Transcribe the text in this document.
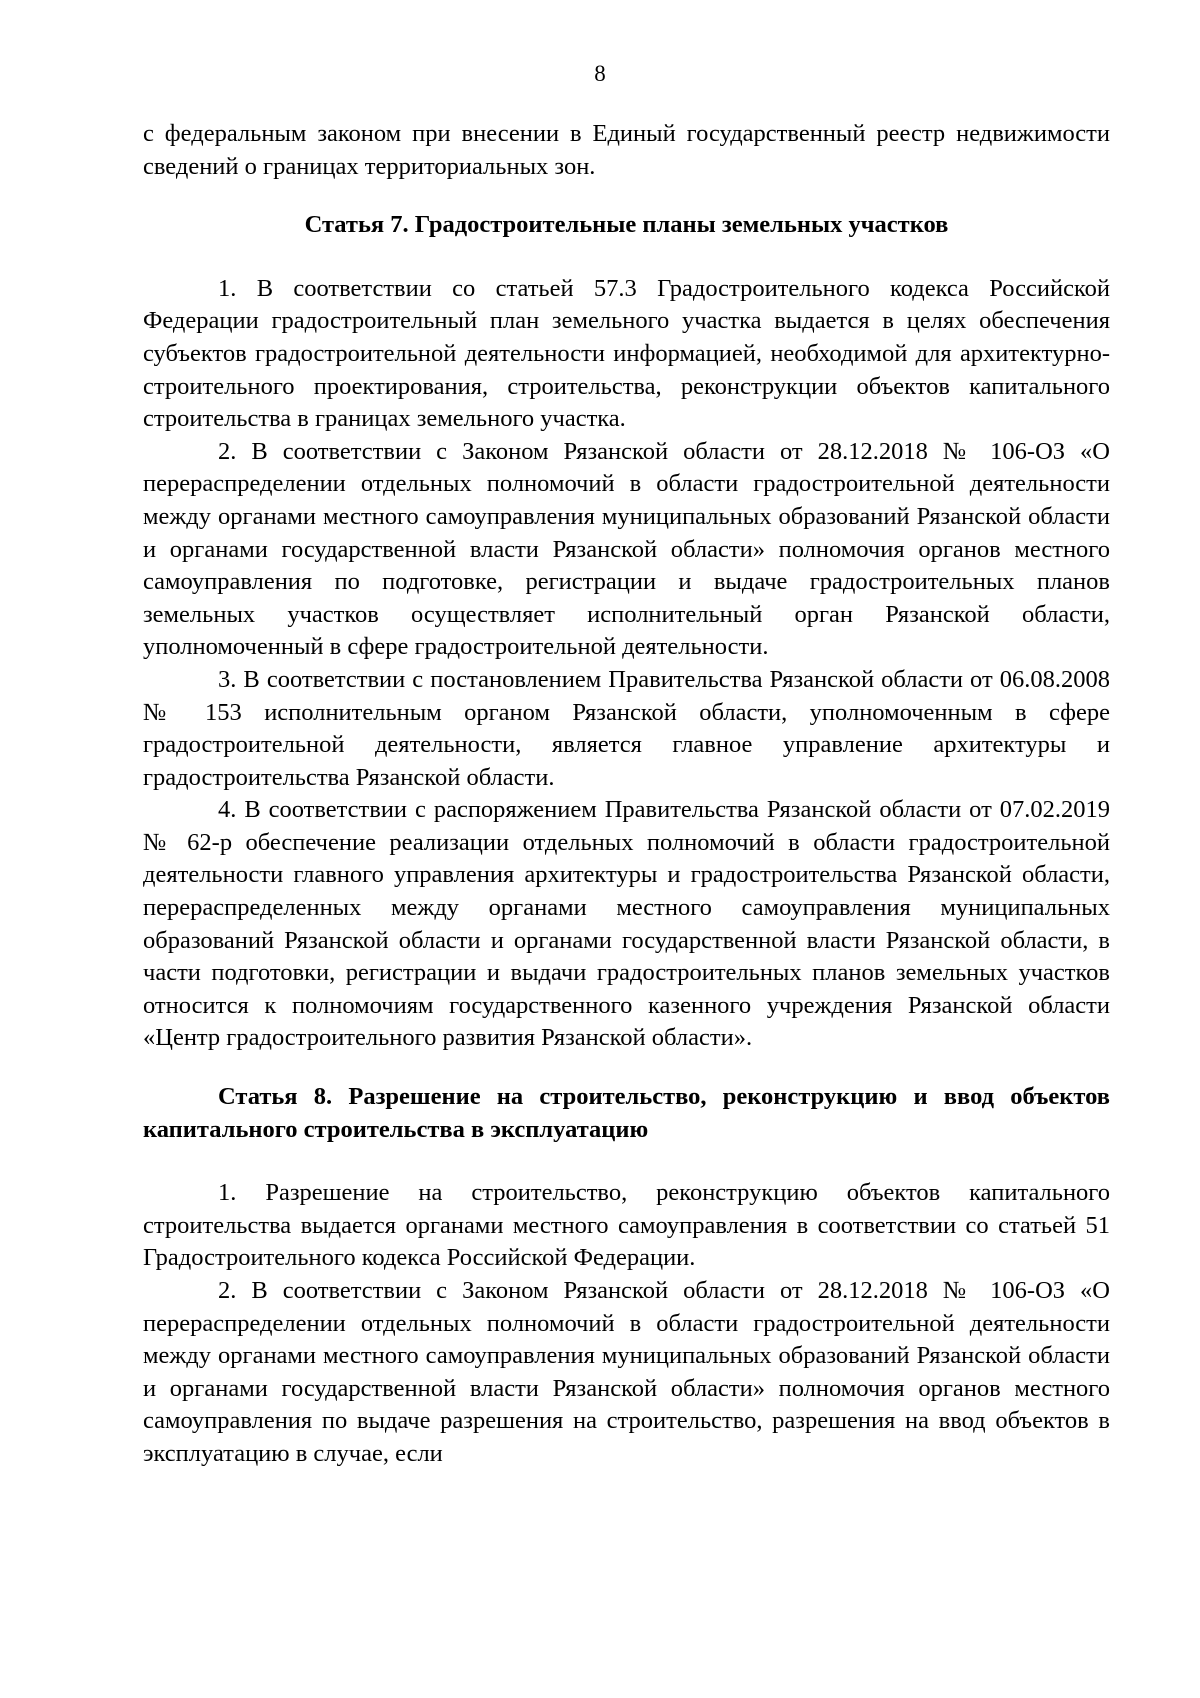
8

с федеральным законом при внесении в Единый государственный реестр недвижимости сведений о границах территориальных зон.

Статья 7. Градостроительные планы земельных участков

1. В соответствии со статьей 57.3 Градостроительного кодекса Российской Федерации градостроительный план земельного участка выдается в целях обеспечения субъектов градостроительной деятельности информацией, необходимой для архитектурно-строительного проектирования, строительства, реконструкции объектов капитального строительства в границах земельного участка.

2. В соответствии с Законом Рязанской области от 28.12.2018 № 106-ОЗ «О перераспределении отдельных полномочий в области градостроительной деятельности между органами местного самоуправления муниципальных образований Рязанской области и органами государственной власти Рязанской области» полномочия органов местного самоуправления по подготовке, регистрации и выдаче градостроительных планов земельных участков осуществляет исполнительный орган Рязанской области, уполномоченный в сфере градостроительной деятельности.

3. В соответствии с постановлением Правительства Рязанской области от 06.08.2008 № 153 исполнительным органом Рязанской области, уполномоченным в сфере градостроительной деятельности, является главное управление архитектуры и градостроительства Рязанской области.

4. В соответствии с распоряжением Правительства Рязанской области от 07.02.2019 № 62-р обеспечение реализации отдельных полномочий в области градостроительной деятельности главного управления архитектуры и градостроительства Рязанской области, перераспределенных между органами местного самоуправления муниципальных образований Рязанской области и органами государственной власти Рязанской области, в части подготовки, регистрации и выдачи градостроительных планов земельных участков относится к полномочиям государственного казенного учреждения Рязанской области «Центр градостроительного развития Рязанской области».

Статья 8. Разрешение на строительство, реконструкцию и ввод объектов капитального строительства в эксплуатацию

1. Разрешение на строительство, реконструкцию объектов капитального строительства выдается органами местного самоуправления в соответствии со статьей 51 Градостроительного кодекса Российской Федерации.

2. В соответствии с Законом Рязанской области от 28.12.2018 № 106-ОЗ «О перераспределении отдельных полномочий в области градостроительной деятельности между органами местного самоуправления муниципальных образований Рязанской области и органами государственной власти Рязанской области» полномочия органов местного самоуправления по выдаче разрешения на строительство, разрешения на ввод объектов в эксплуатацию в случае, если
